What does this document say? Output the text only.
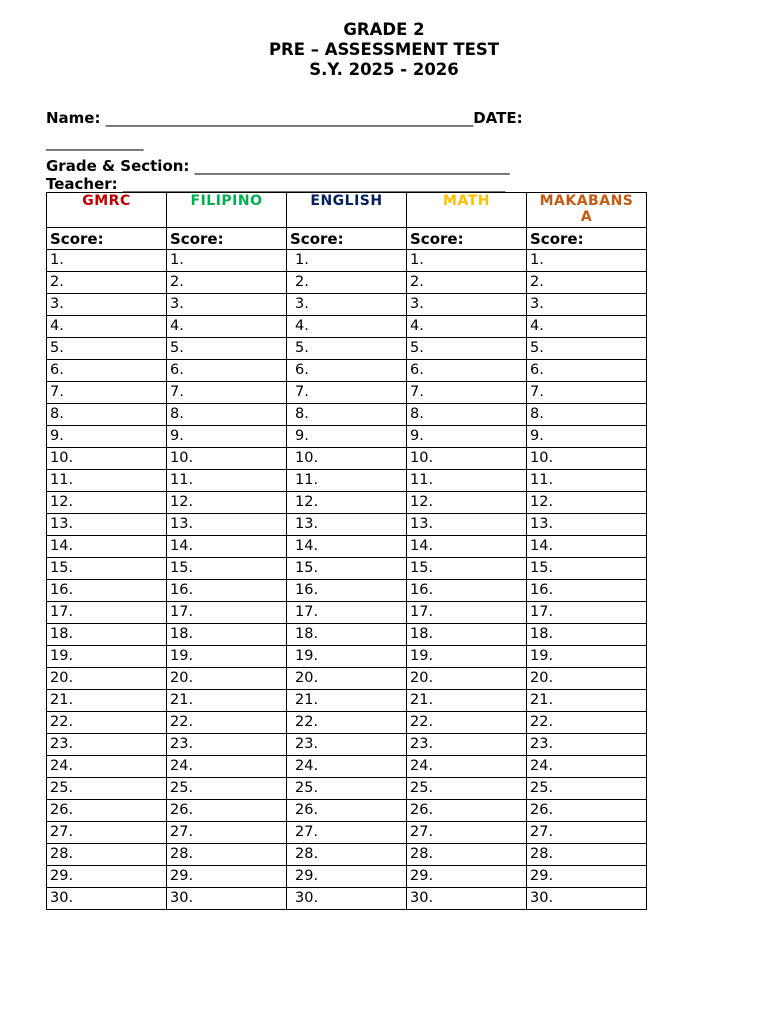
GRADE 2
PRE – ASSESSMENT TEST
S.Y. 2025 - 2026
Name: _________________________________________________DATE:
_____________
Grade & Section: __________________________________________
Teacher: ___________________________________________________
GMRC	FILIPINO	ENGLISH	MATH	MAKABANS
A
Score:	Score:	Score:	Score:	Score:
1.	1.	1.	1.	1.
2.	2.	2.	2.	2.
3.	3.	3.	3.	3.
4.	4.	4.	4.	4.
5.	5.	5.	5.	5.
6.	6.	6.	6.	6.
7.	7.	7.	7.	7.
8.	8.	8.	8.	8.
9.	9.	9.	9.	9.
10.	10.	10.	10.	10.
11.	11.	11.	11.	11.
12.	12.	12.	12.	12.
13.	13.	13.	13.	13.
14.	14.	14.	14.	14.
15.	15.	15.	15.	15.
16.	16.	16.	16.	16.
17.	17.	17.	17.	17.
18.	18.	18.	18.	18.
19.	19.	19.	19.	19.
20.	20.	20.	20.	20.
21.	21.	21.	21.	21.
22.	22.	22.	22.	22.
23.	23.	23.	23.	23.
24.	24.	24.	24.	24.
25.	25.	25.	25.	25.
26.	26.	26.	26.	26.
27.	27.	27.	27.	27.
28.	28.	28.	28.	28.
29.	29.	29.	29.	29.
30.	30.	30.	30.	30.
